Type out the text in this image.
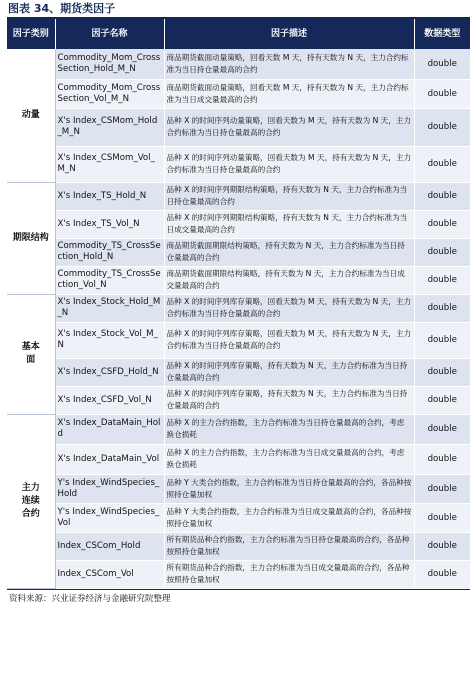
图表 34、期货类因子
因子类别	因子名称	因子描述	数据类型
动量	Commodity_Mom_CrossSection_Hold_M_N	商品期货截面动量策略，回看天数 M 天，持有天数为 N 天，主力合约标准为当日持仓量最高的合约	double
	Commodity_Mom_CrossSection_Vol_M_N	商品期货截面动量策略，回看天数 M 天，持有天数为 N 天，主力合约标准为当日成交量最高的合约	double
	X's Index_CSMom_Hold_M_N	品种 X 的时间序列动量策略，回看天数为 M 天，持有天数为 N 天，主力合约标准为当日持仓量最高的合约	double
	X's Index_CSMom_Vol_M_N	品种 X 的时间序列动量策略，回看天数为 M 天，持有天数为 N 天，主力合约标准为当日持仓量最高的合约	double
期限结构	X's Index_TS_Hold_N	品种 X 的时间序列期限结构策略，持有天数为 N 天，主力合约标准为当日持仓量最高的合约	double
	X's Index_TS_Vol_N	品种 X 的时间序列期限结构策略，持有天数为 N 天，主力合约标准为当日成交量最高的合约	double
	Commodity_TS_CrossSection_Hold_N	商品期货截面期限结构策略，持有天数为 N 天，主力合约标准为当日持仓量最高的合约	double
	Commodity_TS_CrossSection_Vol_N	商品期货截面期限结构策略，持有天数为 N 天，主力合约标准为当日成交量最高的合约	double

基本面	X's Index_Stock_Hold_M_N	品种 X 的时间序列库存策略，回看天数为 M 天，持有天数为 N 天，主力合约标准为当日持仓量最高的合约	double
	X's Index_Stock_Vol_M_N	品种 X 的时间序列库存策略，回看天数为 M 天，持有天数为 N 天，主力合约标准为当日持仓量最高的合约	double
	X's Index_CSFD_Hold_N	品种 X 的时间序列库存策略，持有天数为 N 天，主力合约标准为当日持仓量最高的合约	double
	X's Index_CSFD_Vol_N	品种 X 的时间序列库存策略，持有天数为 N 天，主力合约标准为当日持仓量最高的合约	double

主力连续合约	X's Index_DataMain_Hold	品种 X 的主力合约指数，主力合约标准为当日持仓量最高的合约，考虑换仓损耗	double
	X's Index_DataMain_Vol	品种 X 的主力合约指数，主力合约标准为当日成交量最高的合约，考虑换仓损耗	double
	Y's Index_WindSpecies_Hold	品种 Y 大类合约指数，主力合约标准为当日持仓量最高的合约，各品种按照持仓量加权	double
	Y's Index_WindSpecies_Vol	品种 Y 大类合约指数，主力合约标准为当日成交量最高的合约，各品种按照持仓量加权	double
	Index_CSCom_Hold	所有期货品种合约指数，主力合约标准为当日持仓量最高的合约，各品种按照持仓量加权	double
	Index_CSCom_Vol	所有期货品种合约指数，主力合约标准为当日成交量最高的合约，各品种按照持仓量加权	double
资料来源：兴业证券经济与金融研究院整理
